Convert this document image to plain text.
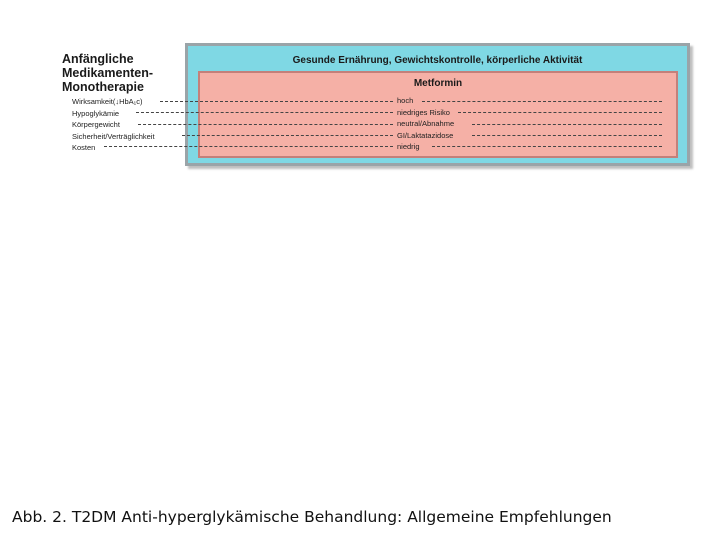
Anfängliche
Medikamenten-
Monotherapie
Wirksamkeit(↓HbA₁c)
Hypoglykämie
Körpergewicht
Sicherheit/Verträglichkeit
Kosten
Gesunde Ernährung, Gewichtskontrolle, körperliche Aktivität
Metformin
hoch
niedriges Risiko
neutral/Abnahme
GI/Laktatazidose
niedrig
Abb. 2. T2DM Anti-hyperglykämische Behandlung: Allgemeine Empfehlungen
